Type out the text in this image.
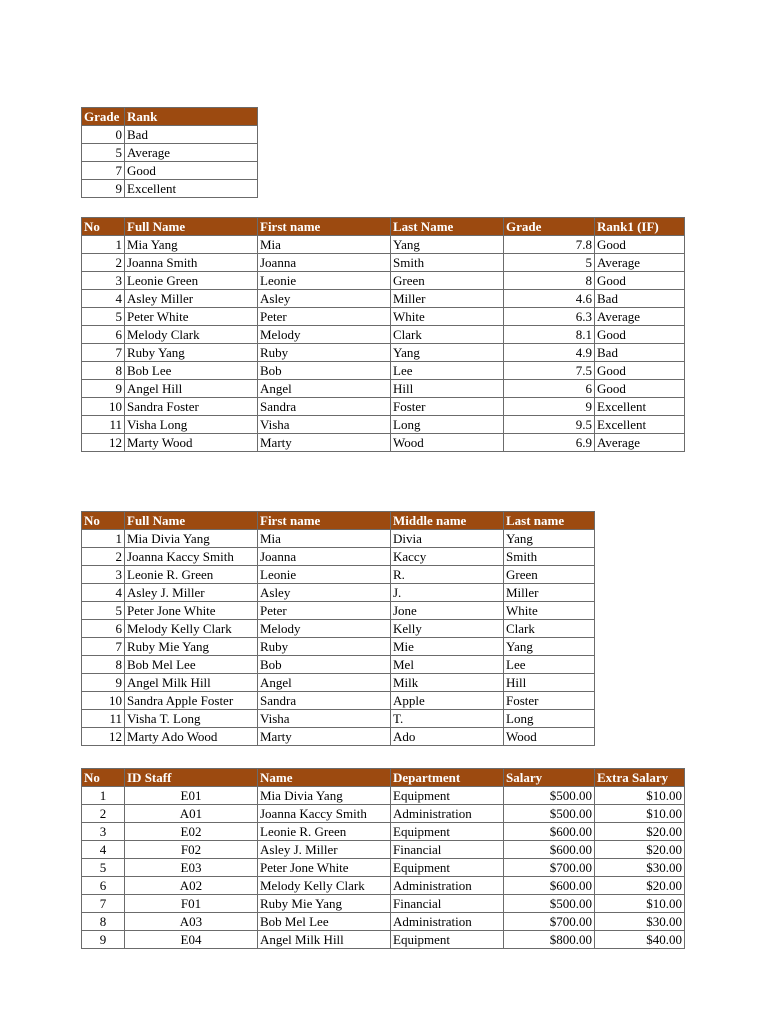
Grade	Rank
0	Bad
5	Average
7	Good
9	Excellent
No	Full Name	First name	Last Name	Grade	Rank1 (IF)
1	Mia Yang	Mia	Yang	7.8	Good
2	Joanna Smith	Joanna	Smith	5	Average
3	Leonie Green	Leonie	Green	8	Good
4	Asley Miller	Asley	Miller	4.6	Bad
5	Peter White	Peter	White	6.3	Average
6	Melody Clark	Melody	Clark	8.1	Good
7	Ruby Yang	Ruby	Yang	4.9	Bad
8	Bob Lee	Bob	Lee	7.5	Good
9	Angel Hill	Angel	Hill	6	Good
10	Sandra Foster	Sandra	Foster	9	Excellent
11	Visha Long	Visha	Long	9.5	Excellent
12	Marty Wood	Marty	Wood	6.9	Average
No	Full Name	First name	Middle name	Last name
1	Mia Divia Yang	Mia	Divia	Yang
2	Joanna Kaccy Smith	Joanna	Kaccy	Smith
3	Leonie R. Green	Leonie	R.	Green
4	Asley J. Miller	Asley	J.	Miller
5	Peter Jone White	Peter	Jone	White
6	Melody Kelly Clark	Melody	Kelly	Clark
7	Ruby Mie Yang	Ruby	Mie	Yang
8	Bob Mel Lee	Bob	Mel	Lee
9	Angel Milk Hill	Angel	Milk	Hill
10	Sandra Apple Foster	Sandra	Apple	Foster
11	Visha T. Long	Visha	T.	Long
12	Marty Ado Wood	Marty	Ado	Wood
No	ID Staff	Name	Department	Salary	Extra Salary
1	E01	Mia Divia Yang	Equipment	$500.00	$10.00
2	A01	Joanna Kaccy Smith	Administration	$500.00	$10.00
3	E02	Leonie R. Green	Equipment	$600.00	$20.00
4	F02	Asley J. Miller	Financial	$600.00	$20.00
5	E03	Peter Jone White	Equipment	$700.00	$30.00
6	A02	Melody Kelly Clark	Administration	$600.00	$20.00
7	F01	Ruby Mie Yang	Financial	$500.00	$10.00
8	A03	Bob Mel Lee	Administration	$700.00	$30.00
9	E04	Angel Milk Hill	Equipment	$800.00	$40.00
